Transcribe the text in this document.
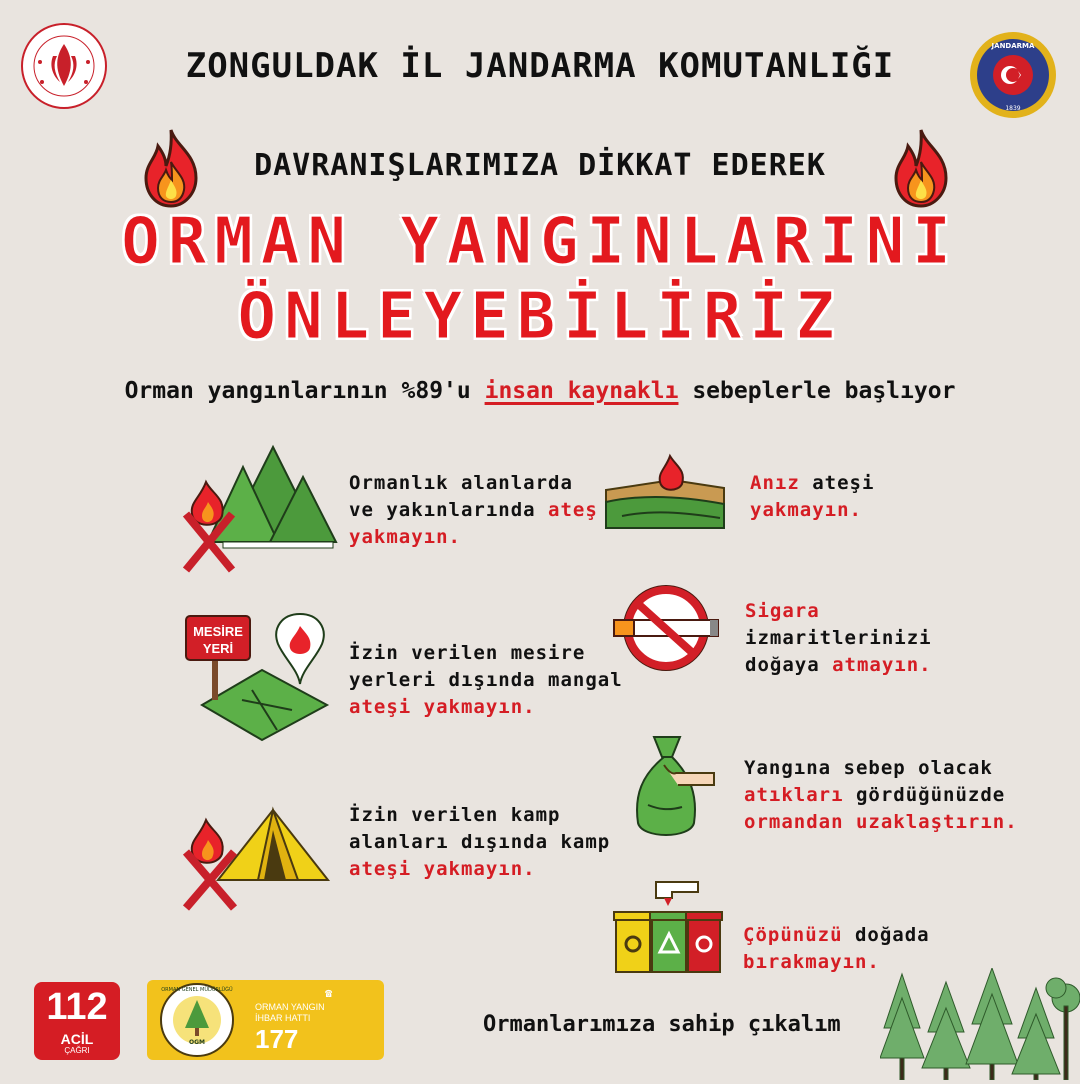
ZONGULDAK İL JANDARMA KOMUTANLIĞI	JANDARMA
1839
DAVRANIŞLARIMIZA DİKKAT EDEREK
ORMAN YANGINLARINI
ÖNLEYEBİLİRİZ
Orman yangınlarının %89'u insan kaynaklı sebeplerle başlıyor
Ormanlık alanlarda
ve yakınlarında ateş
yakmayın.
MESİRE
YERİ	İzin verilen mesire
yerleri dışında mangal
ateşi yakmayın.
İzin verilen kamp
alanları dışında kamp
ateşi yakmayın.
Anız ateşi
yakmayın.
Sigara
izmaritlerinizi
doğaya atmayın.
Yangına sebep olacak
atıkları gördüğünüzde
ormandan uzaklaştırın.
Çöpünüzü doğada
bırakmayın.
112
ACİL
ÇAĞRI
OGM
ORMAN GENEL MÜDÜRLÜĞÜ	☎
ORMAN YANGIN
İHBAR HATTI
177	Ormanlarımıza sahip çıkalım
